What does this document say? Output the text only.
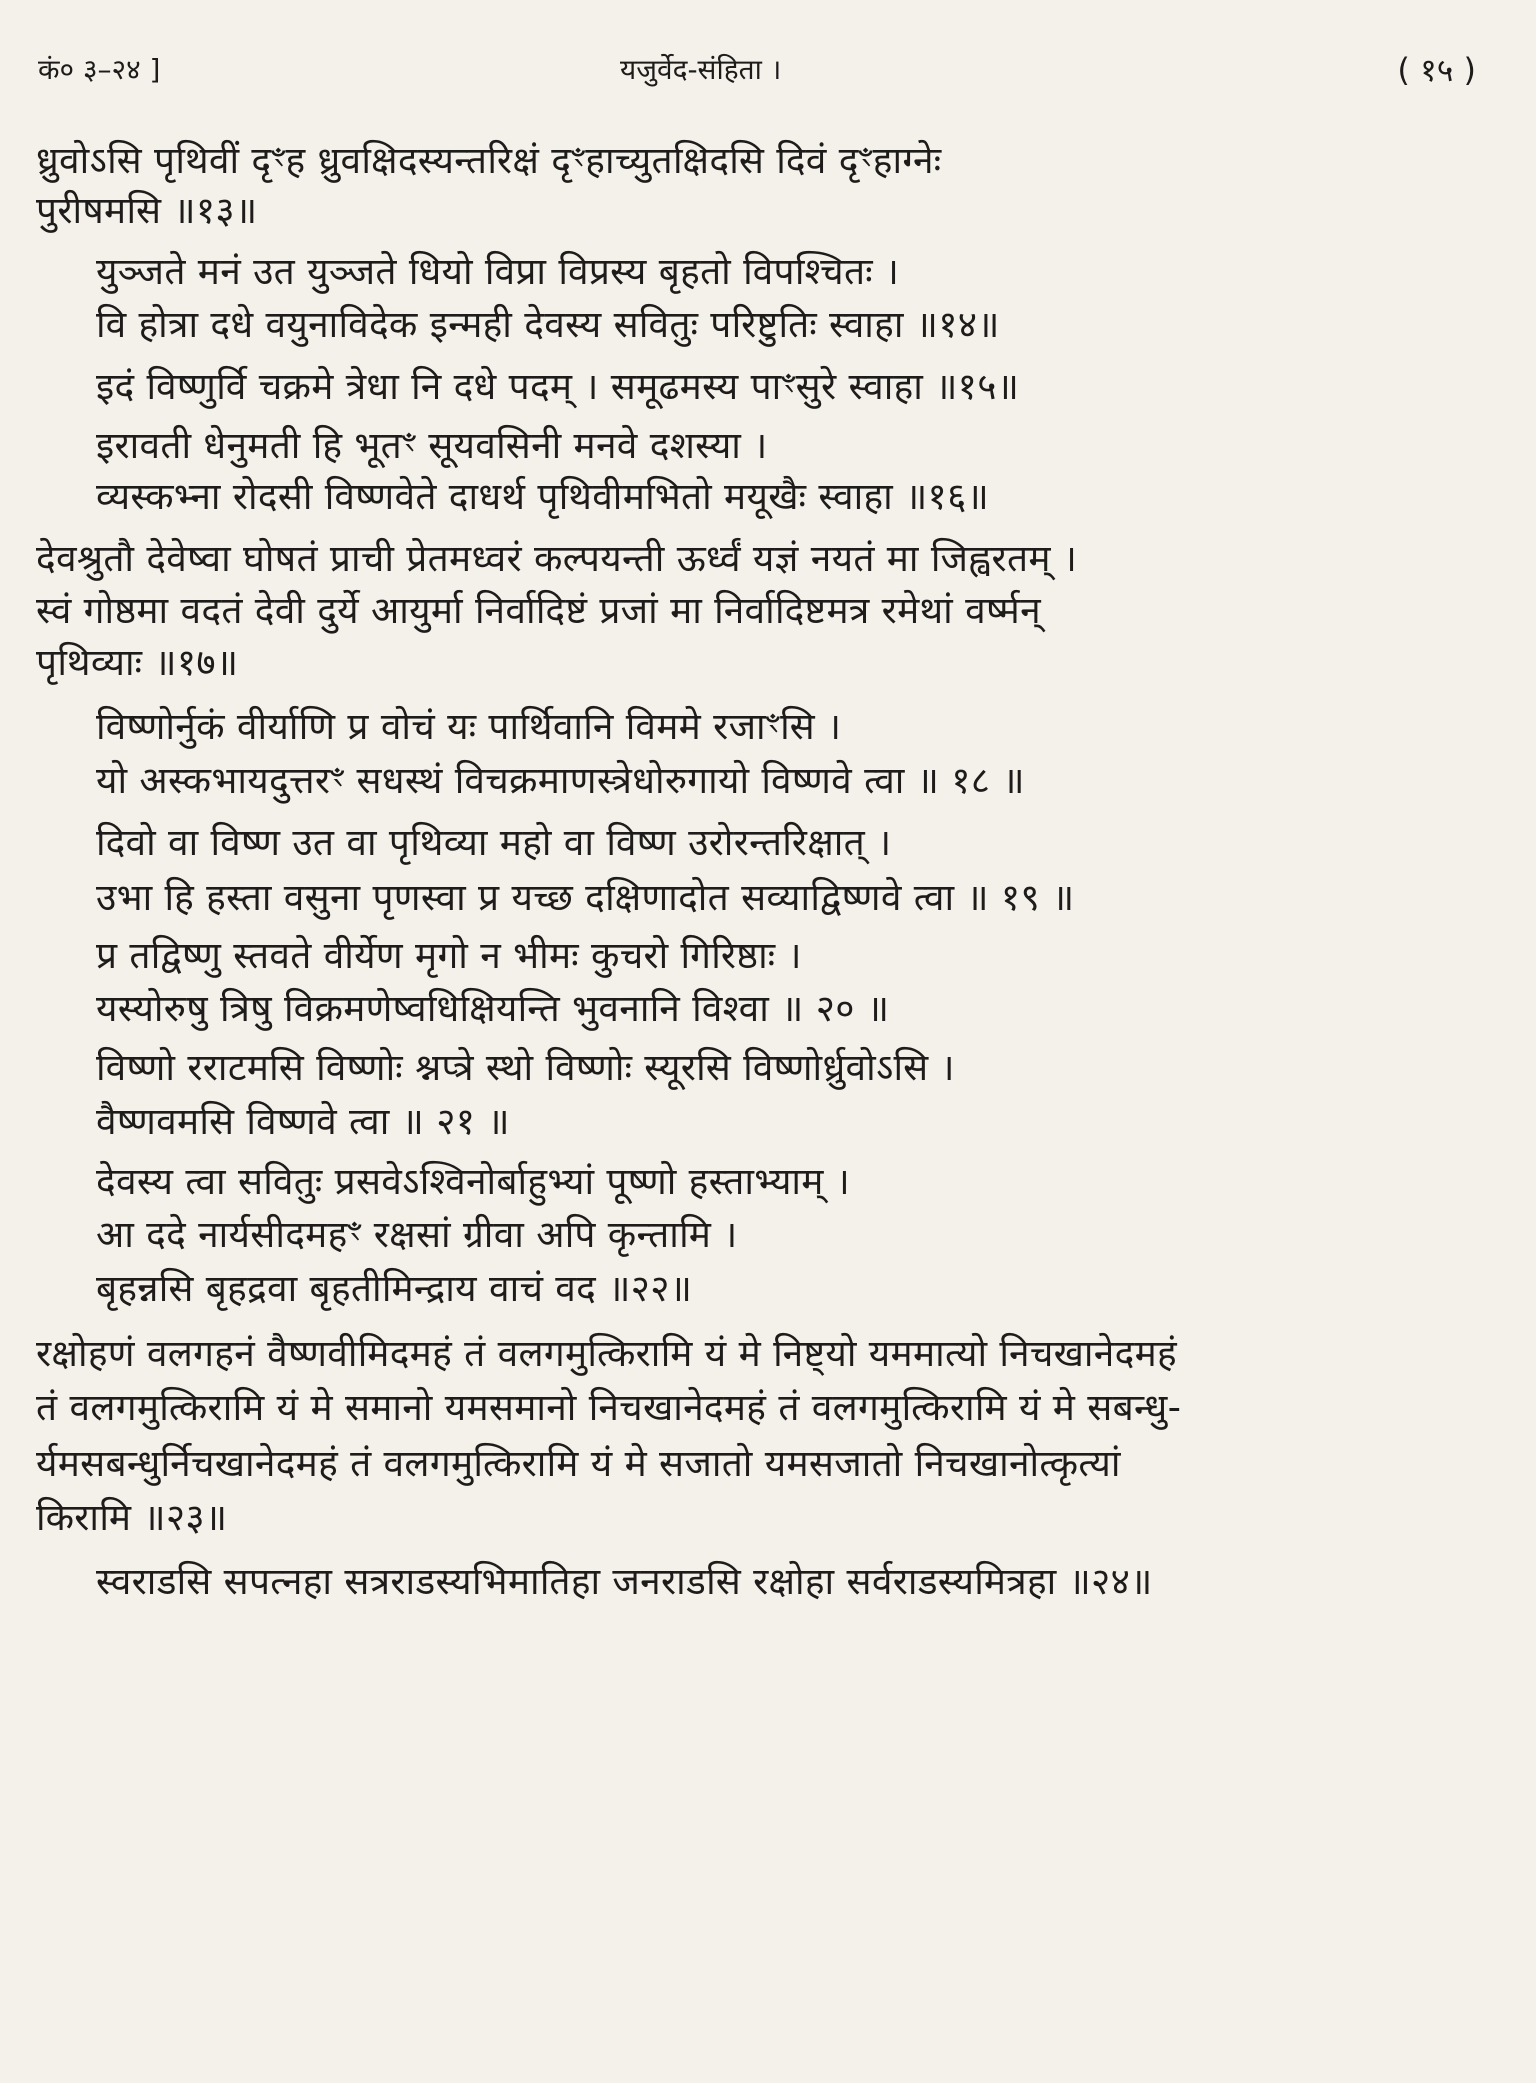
कं० ३–२४ ]	यजुर्वेद-संहिता ।	( १५ )
ध्रुवोऽसि पृथिवीं दृꣳह ध्रुवक्षिदस्यन्तरिक्षं दृꣳहाच्युतक्षिदसि दिवं दृꣳहाग्नेः
पुरीषमसि ॥१३॥
युञ्जते मनं उत युञ्जते धियो विप्रा विप्रस्य बृहतो विपश्चितः ।
वि होत्रा दधे वयुनाविदेक इन्मही देवस्य सवितुः परिष्टुतिः स्वाहा ॥१४॥
इदं विष्णुर्वि चक्रमे त्रेधा नि दधे पदम् । समूढमस्य पाꣳसुरे स्वाहा ॥१५॥
इरावती धेनुमती हि भूतꣳ सूयवसिनी मनवे दशस्या ।
व्यस्कभ्ना रोदसी विष्णवेते दाधर्थ पृथिवीमभितो मयूखैः स्वाहा ॥१६॥
देवश्रुतौ देवेष्वा घोषतं प्राची प्रेतमध्वरं कल्पयन्ती ऊर्ध्वं यज्ञं नयतं मा जिह्वरतम् ।
स्वं गोष्ठमा वदतं देवी दुर्ये आयुर्मा निर्वादिष्टं प्रजां मा निर्वादिष्टमत्र रमेथां वर्ष्मन्
पृथिव्याः ॥१७॥
विष्णोर्नुकं वीर्याणि प्र वोचं यः पार्थिवानि विममे रजाꣳसि ।
यो अस्कभायदुत्तरꣳ सधस्थं विचक्रमाणस्त्रेधोरुगायो विष्णवे त्वा ॥ १८ ॥
दिवो वा विष्ण उत वा पृथिव्या महो वा विष्ण उरोरन्तरिक्षात् ।
उभा हि हस्ता वसुना पृणस्वा प्र यच्छ दक्षिणादोत सव्याद्विष्णवे त्वा ॥ १९ ॥
प्र तद्विष्णु स्तवते वीर्येण मृगो न भीमः कुचरो गिरिष्ठाः ।
यस्योरुषु त्रिषु विक्रमणेष्वधिक्षियन्ति भुवनानि विश्वा ॥ २० ॥
विष्णो रराटमसि विष्णोः श्नप्त्रे स्थो विष्णोः स्यूरसि विष्णोर्ध्रुवोऽसि ।
वैष्णवमसि विष्णवे त्वा ॥ २१ ॥
देवस्य त्वा सवितुः प्रसवेऽश्विनोर्बाहुभ्यां पूष्णो हस्ताभ्याम् ।
आ ददे नार्यसीदमहꣳ रक्षसां ग्रीवा अपि कृन्तामि ।
बृहन्नसि बृहद्रवा बृहतीमिन्द्राय वाचं वद ॥२२॥
रक्षोहणं वलगहनं वैष्णवीमिदमहं तं वलगमुत्किरामि यं मे निष्ट्यो यममात्यो निचखानेदमहं
तं वलगमुत्किरामि यं मे समानो यमसमानो निचखानेदमहं तं वलगमुत्किरामि यं मे सबन्धु-
र्यमसबन्धुर्निचखानेदमहं तं वलगमुत्किरामि यं मे सजातो यमसजातो निचखानोत्कृत्यां
किरामि ॥२३॥
स्वराडसि सपत्नहा सत्रराडस्यभिमातिहा जनराडसि रक्षोहा सर्वराडस्यमित्रहा ॥२४॥
